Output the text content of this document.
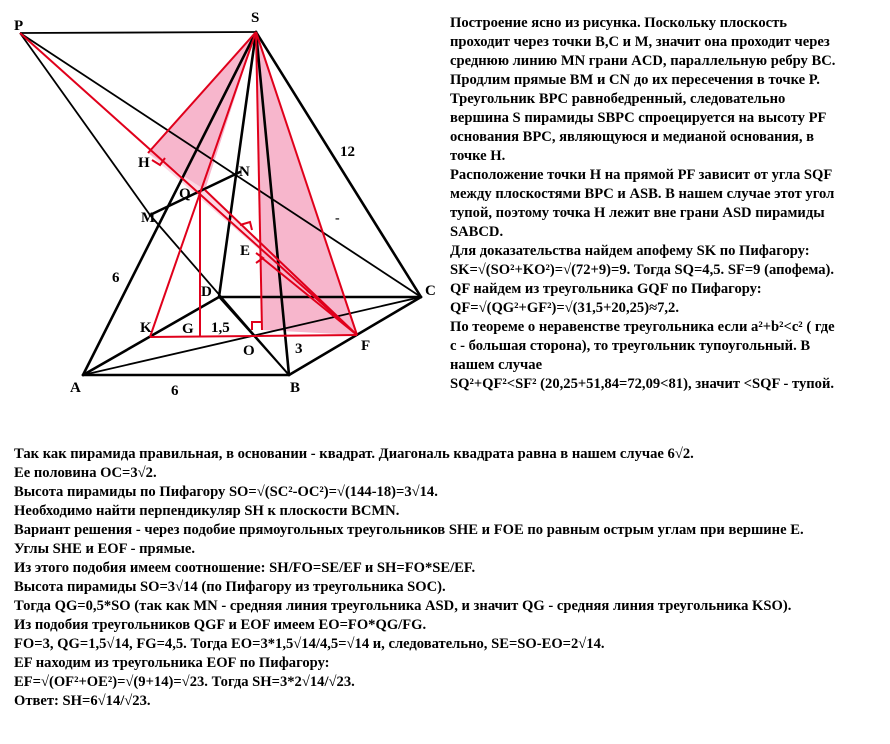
P	S
H
N
Q
M
E
D	C
K G
O	F
A	B
12
6
6
1,5
3
-
Построение ясно из рисунка. Поскольку плоскость
проходит через точки B,C и M, значит она проходит через
среднюю линию MN грани ACD, параллельную ребру BC.
Продлим прямые BM и CN до их пересечения в точке P.
Треугольник BPC равнобедренный, следовательно
вершина S пирамиды SBPC спроецируется на высоту PF
основания BPC, являющуюся и медианой основания, в
точке H.
Расположение точки H на прямой PF зависит от угла SQF
между плоскостями BPC и ASB. В нашем случае этот угол
тупой, поэтому точка H лежит вне грани ASD пирамиды
SABCD.
Для доказательства найдем апофему SK по Пифагору:
SK=√(SO²+KO²)=√(72+9)=9. Тогда SQ=4,5. SF=9 (апофема).
QF найдем из треугольника GQF по Пифагору:
QF=√(QG²+GF²)=√(31,5+20,25)≈7,2.
По теореме о неравенстве треугольника если a²+b²<c² ( где
c - большая сторона), то треугольник тупоугольный. В
нашем случае
SQ²+QF²<SF² (20,25+51,84=72,09<81), значит <SQF - тупой.
Так как пирамида правильная, в основании - квадрат. Диагональ квадрата равна в нашем случае 6√2.
Ее половина OC=3√2.
Высота пирамиды по Пифагору SO=√(SC²-OC²)=√(144-18)=3√14.
Необходимо найти перпендикуляр SH к плоскости BCMN.
Вариант решения - через подобие прямоугольных треугольников SHE и FOE по равным острым углам при вершине E.
Углы SHE и EOF - прямые.
Из этого подобия имеем соотношение: SH/FO=SE/EF и SH=FO*SE/EF.
Высота пирамиды SO=3√14 (по Пифагору из треугольника SOC).
Тогда QG=0,5*SO (так как MN - средняя линия треугольника ASD, и значит QG - средняя линия треугольника KSO).
Из подобия треугольников QGF и EOF имеем EO=FO*QG/FG.
FO=3, QG=1,5√14, FG=4,5. Тогда EO=3*1,5√14/4,5=√14 и, следовательно, SE=SO-EO=2√14.
EF находим из треугольника EOF по Пифагору:
EF=√(OF²+OE²)=√(9+14)=√23. Тогда SH=3*2√14/√23.
Ответ: SH=6√14/√23.
